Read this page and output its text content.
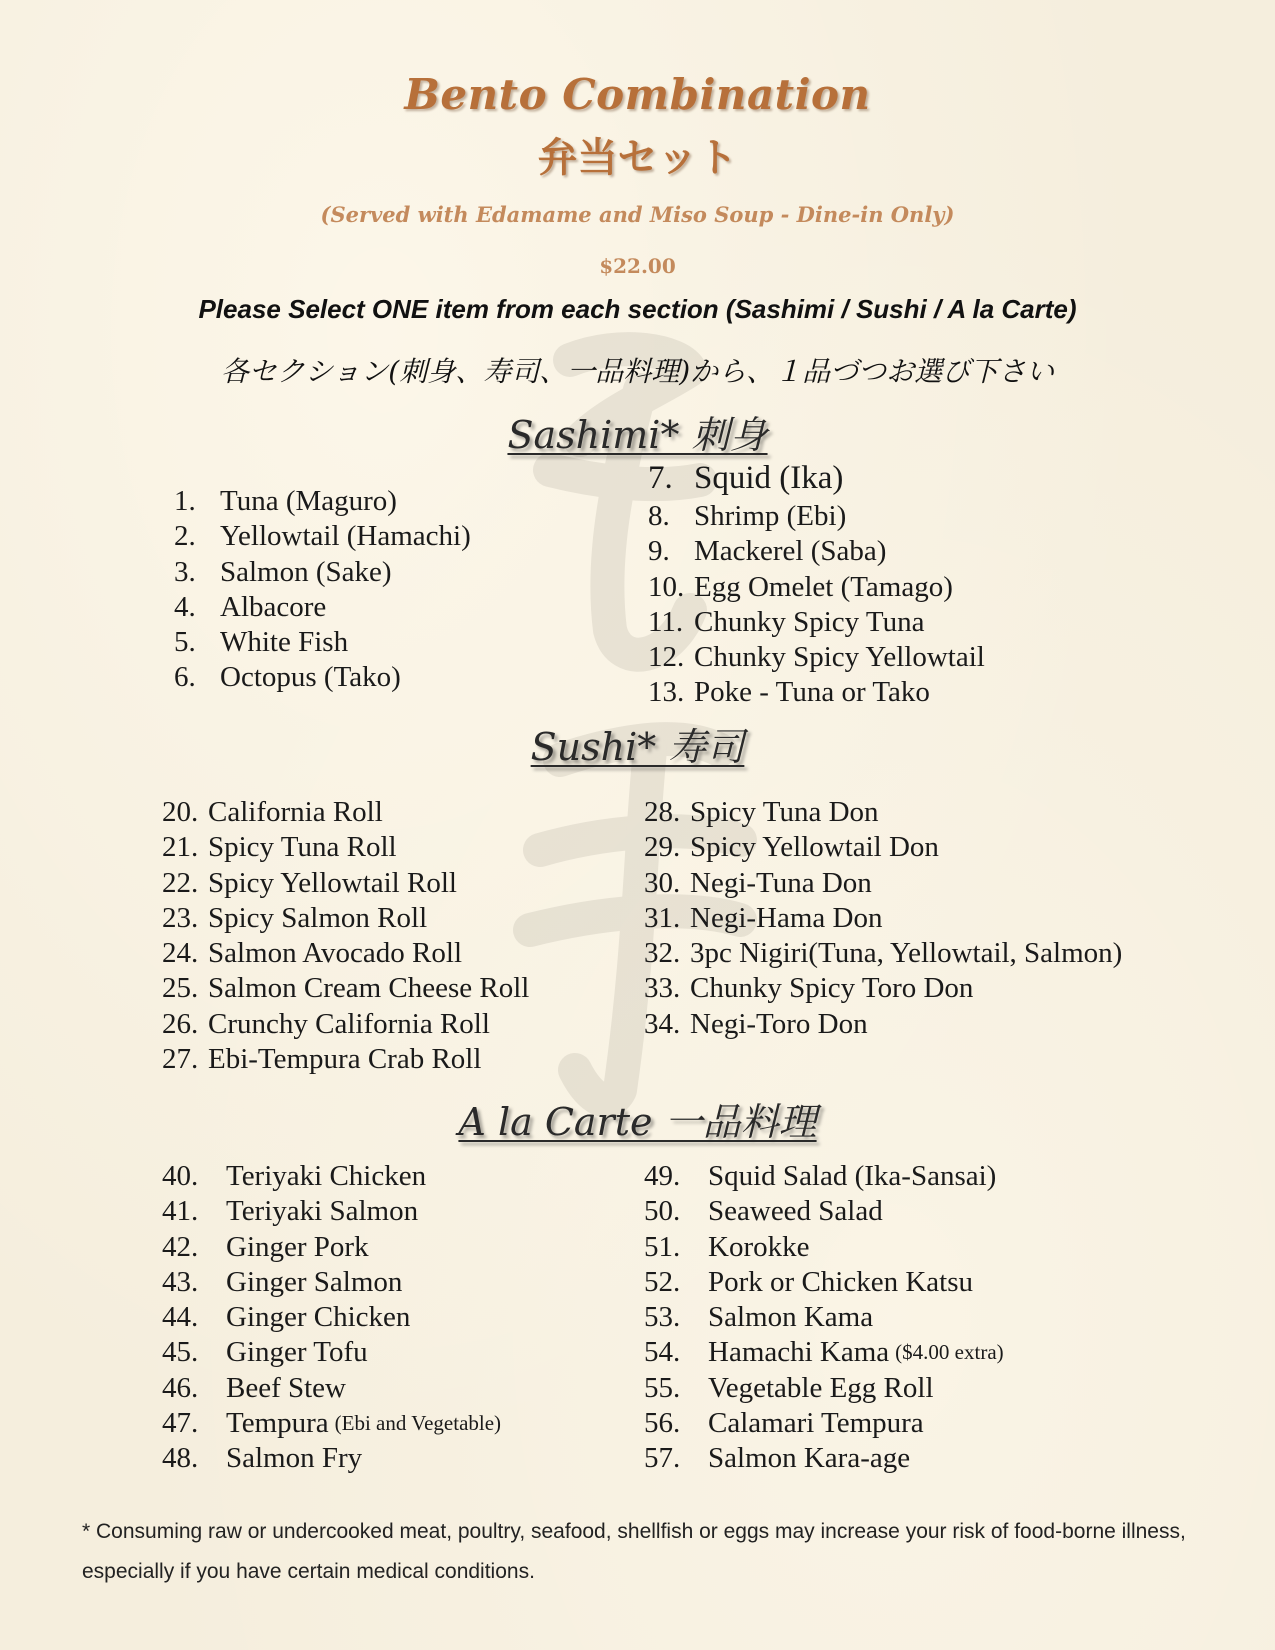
Bento Combination
弁当セット
(Served with Edamame and Miso Soup - Dine-in Only)
$22.00
Please Select ONE item from each section (Sashimi / Sushi / A la Carte)
各セクション(刺身、寿司、一品料理)から、１品づつお選び下さい
Sashimi* 刺身
1. Tuna (Maguro)
2. Yellowtail (Hamachi)
3. Salmon (Sake)
4. Albacore
5. White Fish
6. Octopus (Tako)
7. Squid (Ika)
8. Shrimp (Ebi)
9. Mackerel (Saba)
10. Egg Omelet (Tamago)
11. Chunky Spicy Tuna
12. Chunky Spicy Yellowtail
13. Poke - Tuna or Tako
Sushi* 寿司
20. California Roll
21. Spicy Tuna Roll
22. Spicy Yellowtail Roll
23. Spicy Salmon Roll
24. Salmon Avocado Roll
25. Salmon Cream Cheese Roll
26. Crunchy California Roll
27. Ebi-Tempura Crab Roll
28. Spicy Tuna Don
29. Spicy Yellowtail Don
30. Negi-Tuna Don
31. Negi-Hama Don
32. 3pc Nigiri(Tuna, Yellowtail, Salmon)
33. Chunky Spicy Toro Don
34. Negi-Toro Don
A la Carte 一品料理
40. Teriyaki Chicken
41. Teriyaki Salmon
42. Ginger Pork
43. Ginger Salmon
44. Ginger Chicken
45. Ginger Tofu
46. Beef Stew
47. Tempura (Ebi and Vegetable)
48. Salmon Fry
49. Squid Salad (Ika-Sansai)
50. Seaweed Salad
51. Korokke
52. Pork or Chicken Katsu
53. Salmon Kama
54. Hamachi Kama ($4.00 extra)
55. Vegetable Egg Roll
56. Calamari Tempura
57. Salmon Kara-age
* Consuming raw or undercooked meat, poultry, seafood, shellfish or eggs may increase your risk of food-borne illness, especially if you have certain medical conditions.
